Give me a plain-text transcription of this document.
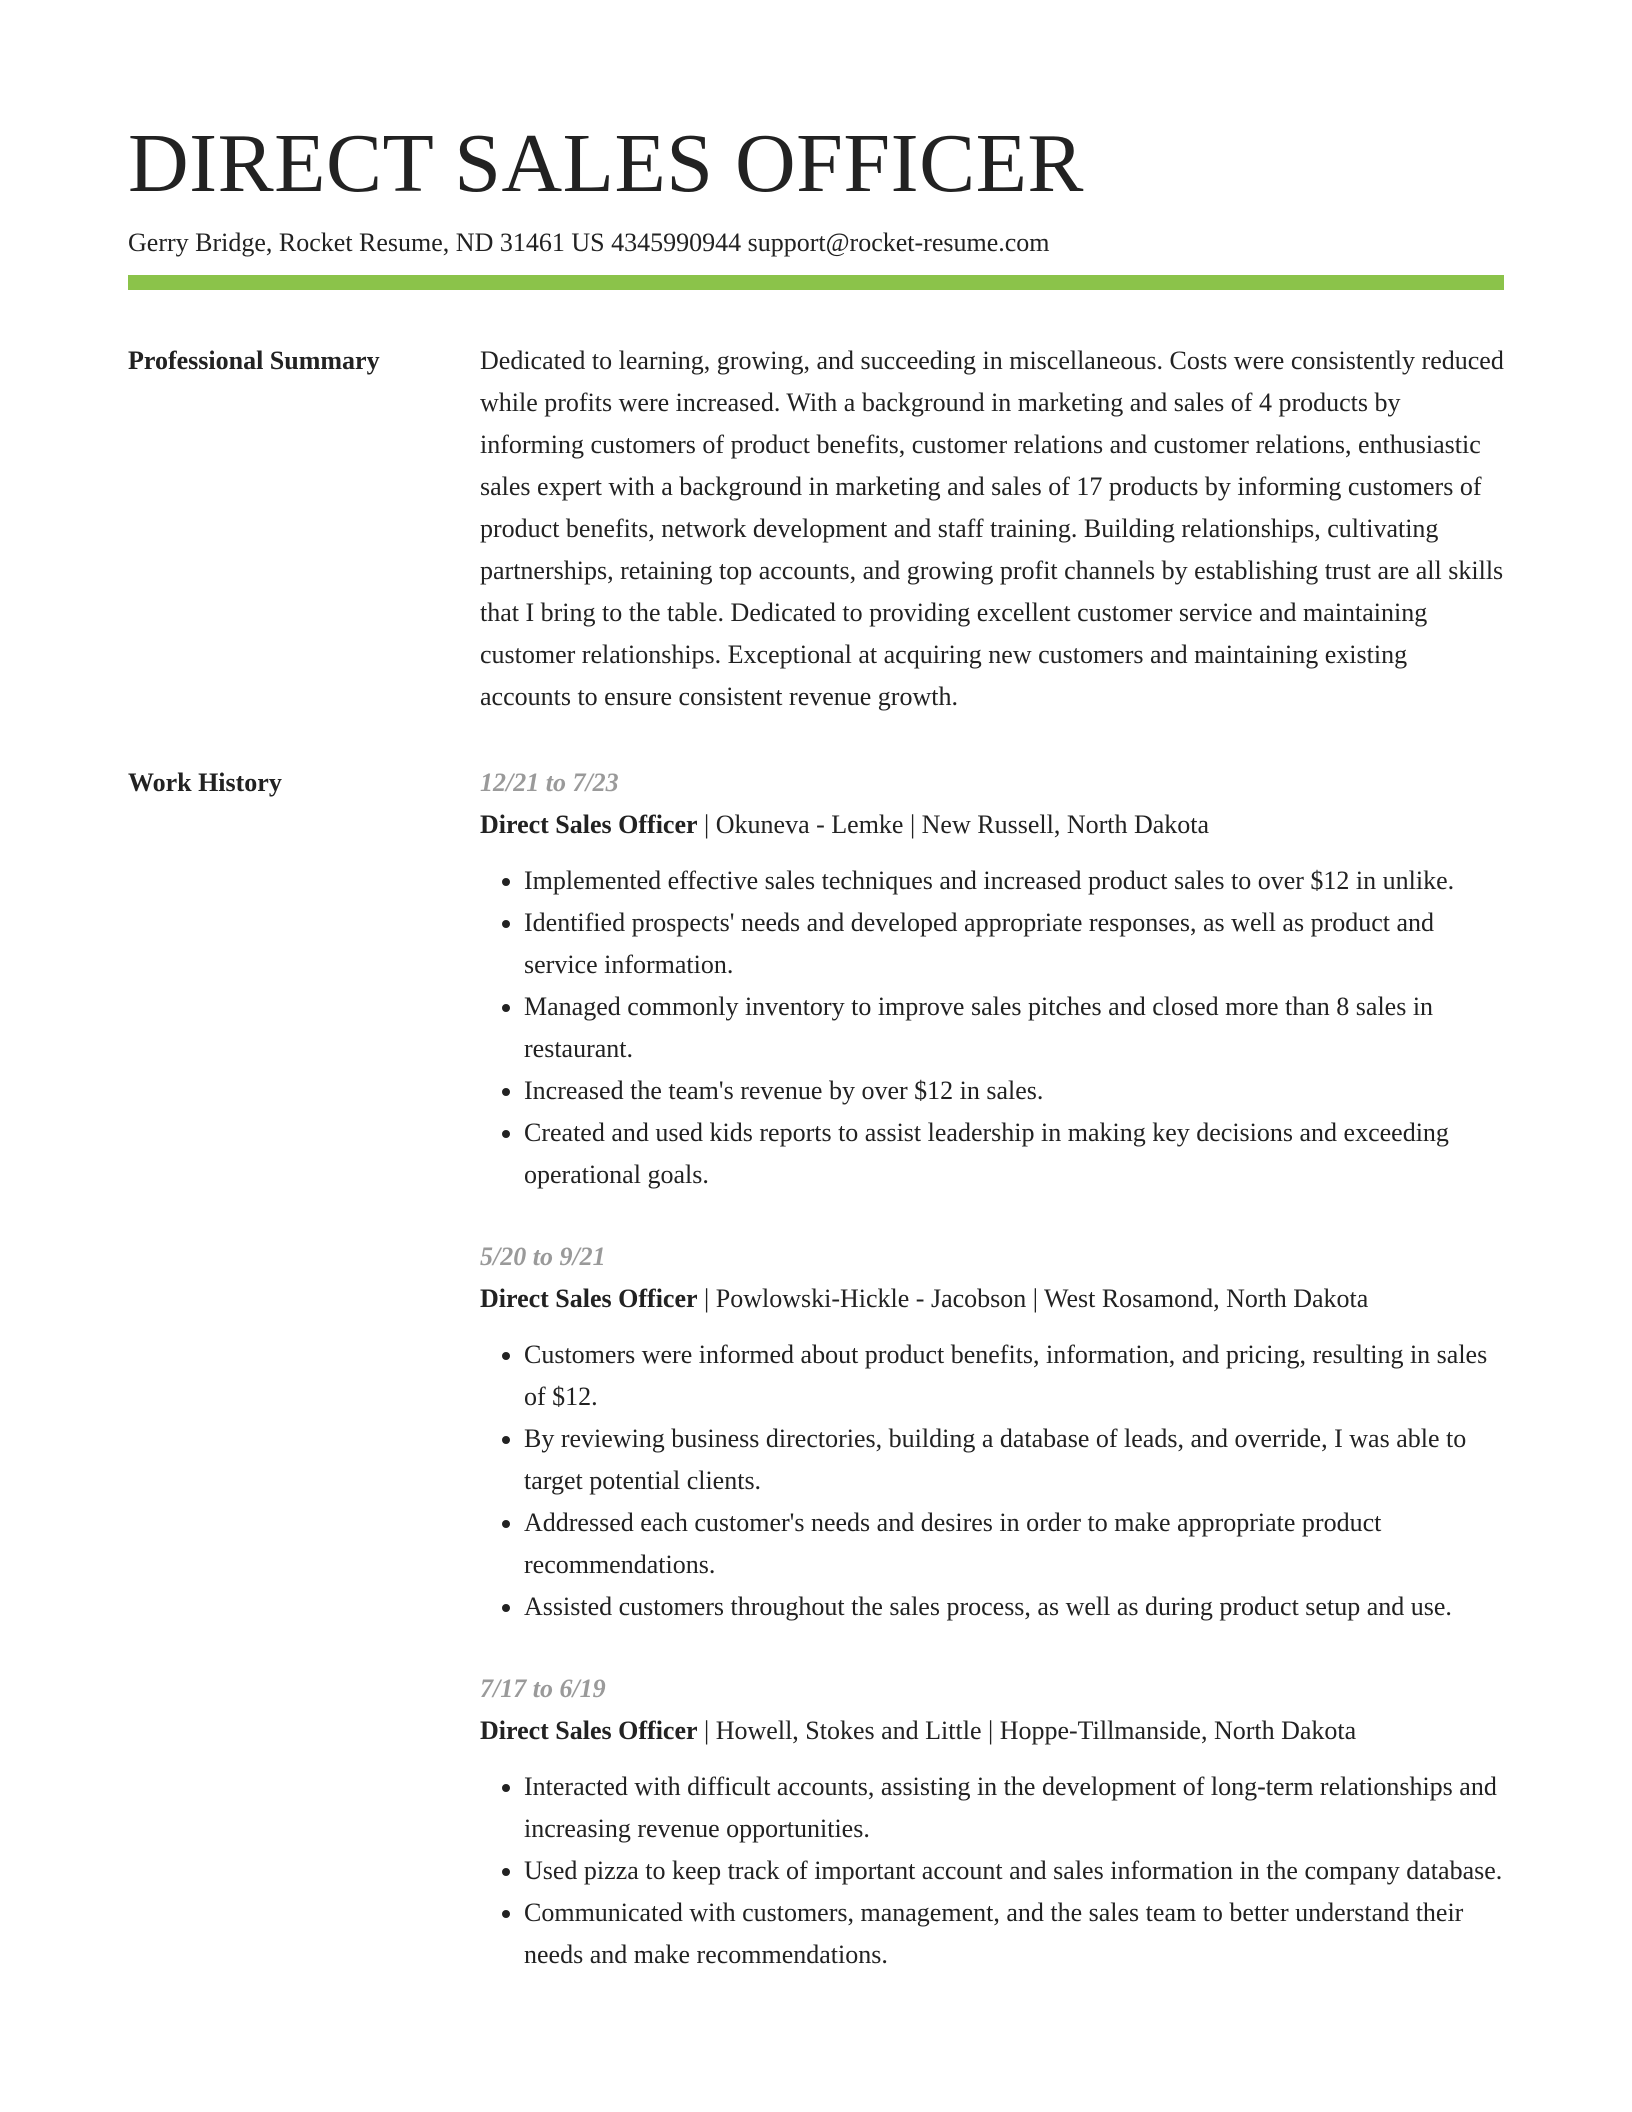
DIRECT SALES OFFICER
Gerry Bridge, Rocket Resume, ND 31461 US 4345990944 support@rocket-resume.com
Professional Summary	Dedicated to learning, growing, and succeeding in miscellaneous. Costs were consistently reduced while profits were increased. With a background in marketing and sales of 4 products by informing customers of product benefits, customer relations and customer relations, enthusiastic sales expert with a background in marketing and sales of 17 products by informing customers of product benefits, network development and staff training. Building relationships, cultivating partnerships, retaining top accounts, and growing profit channels by establishing trust are all skills that I bring to the table. Dedicated to providing excellent customer service and maintaining customer relationships. Exceptional at acquiring new customers and maintaining existing accounts to ensure consistent revenue growth.
Work History	12/21 to 7/23
Direct Sales Officer | Okuneva - Lemke | New Russell, North Dakota
• Implemented effective sales techniques and increased product sales to over $12 in unlike.
• Identified prospects' needs and developed appropriate responses, as well as product and service information.
• Managed commonly inventory to improve sales pitches and closed more than 8 sales in restaurant.
• Increased the team's revenue by over $12 in sales.
• Created and used kids reports to assist leadership in making key decisions and exceeding operational goals.
5/20 to 9/21
Direct Sales Officer | Powlowski-Hickle - Jacobson | West Rosamond, North Dakota
• Customers were informed about product benefits, information, and pricing, resulting in sales of $12.
• By reviewing business directories, building a database of leads, and override, I was able to target potential clients.
• Addressed each customer's needs and desires in order to make appropriate product recommendations.
• Assisted customers throughout the sales process, as well as during product setup and use.
7/17 to 6/19
Direct Sales Officer | Howell, Stokes and Little | Hoppe-Tillmanside, North Dakota
• Interacted with difficult accounts, assisting in the development of long-term relationships and increasing revenue opportunities.
• Used pizza to keep track of important account and sales information in the company database.
• Communicated with customers, management, and the sales team to better understand their needs and make recommendations.
